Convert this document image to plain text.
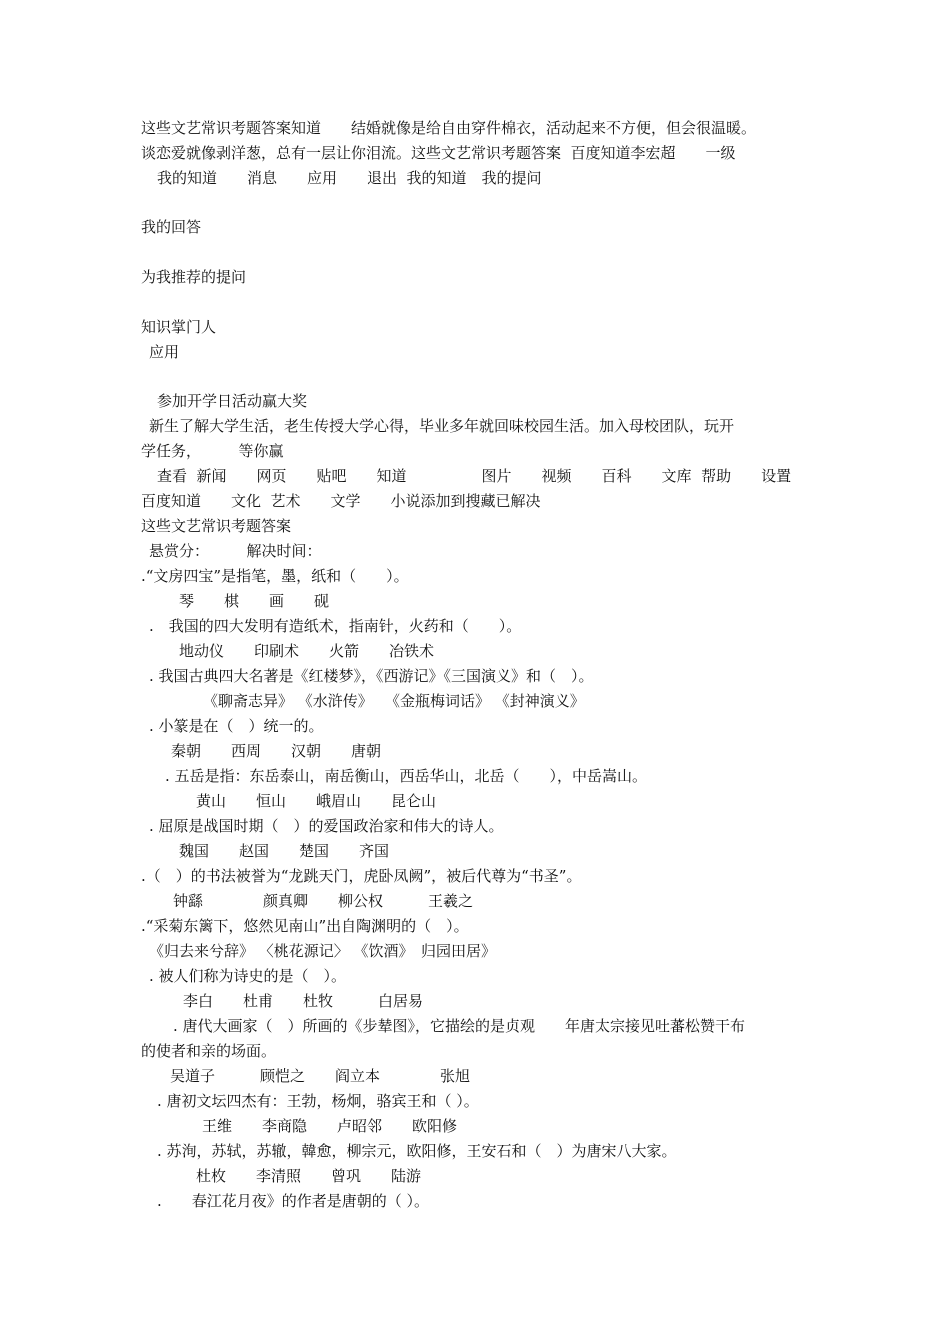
这些文艺常识考题答案知道　　结婚就像是给自由穿件棉衣，活动起来不方便，但会很温暖。
谈恋爱就像剥洋葱，总有一层让你泪流。这些文艺常识考题答案  百度知道李宏超　　一级
我的知道　　消息　　应用　　退出  我的知道　我的提问
我的回答
为我推荐的提问
知识掌门人
应用
参加开学日活动赢大奖
新生了解大学生活，老生传授大学心得，毕业多年就回味校园生活。加入母校团队，玩开
学任务，　　　等你赢
查看  新闻　　网页　　贴吧　　知道　　　　　图片　　视频　　百科　　文库  帮助　　设置
百度知道　　文化  艺术　　文学　　小说添加到搜藏已解决
这些文艺常识考题答案
悬赏分：　　　解决时间：
.“文房四宝”是指笔，墨，纸和（　　）。
琴　　棋　　画　　砚
.　我国的四大发明有造纸术，指南针，火药和（　　）。
地动仪　　印刷术　　火箭　　冶铁术
. 我国古典四大名著是《红楼梦》，《西游记》《三国演义》和（　）。
《聊斋志异》 《水浒传》 　《金瓶梅词话》 《封神演义》
. 小篆是在（　）统一的。
秦朝　　西周　　汉朝　　唐朝
. 五岳是指：东岳泰山，南岳衡山，西岳华山，北岳（　　），中岳嵩山。
黄山　　恒山　　峨眉山　　昆仑山
. 屈原是战国时期（　）的爱国政治家和伟大的诗人。
魏国　　赵国　　楚国　　齐国
.（　）的书法被誉为“龙跳天门，虎卧凤阙”，被后代尊为“书圣”。
钟繇　　　　颜真卿　　柳公权　　　王羲之
.“采菊东篱下，悠然见南山”出自陶渊明的（　）。
《归去来兮辞》 〈桃花源记〉 《饮酒》　归园田居》
. 被人们称为诗史的是（　）。
李白　　杜甫　　杜牧　　　白居易
. 唐代大画家（　）所画的《步辇图》，它描绘的是贞观　　年唐太宗接见吐蕃松赞干布
的使者和亲的场面。
吴道子　　　顾恺之　　阎立本　　　　张旭
. 唐初文坛四杰有：王勃，杨炯，骆宾王和（ ）。
王维　　李商隐　　卢昭邻　　欧阳修
. 苏洵，苏轼，苏辙，韓愈，柳宗元，欧阳修，王安石和（　）为唐宋八大家。
杜枚　　李清照　　曾巩　　陆游
.　　春江花月夜》的作者是唐朝的（ ）。
